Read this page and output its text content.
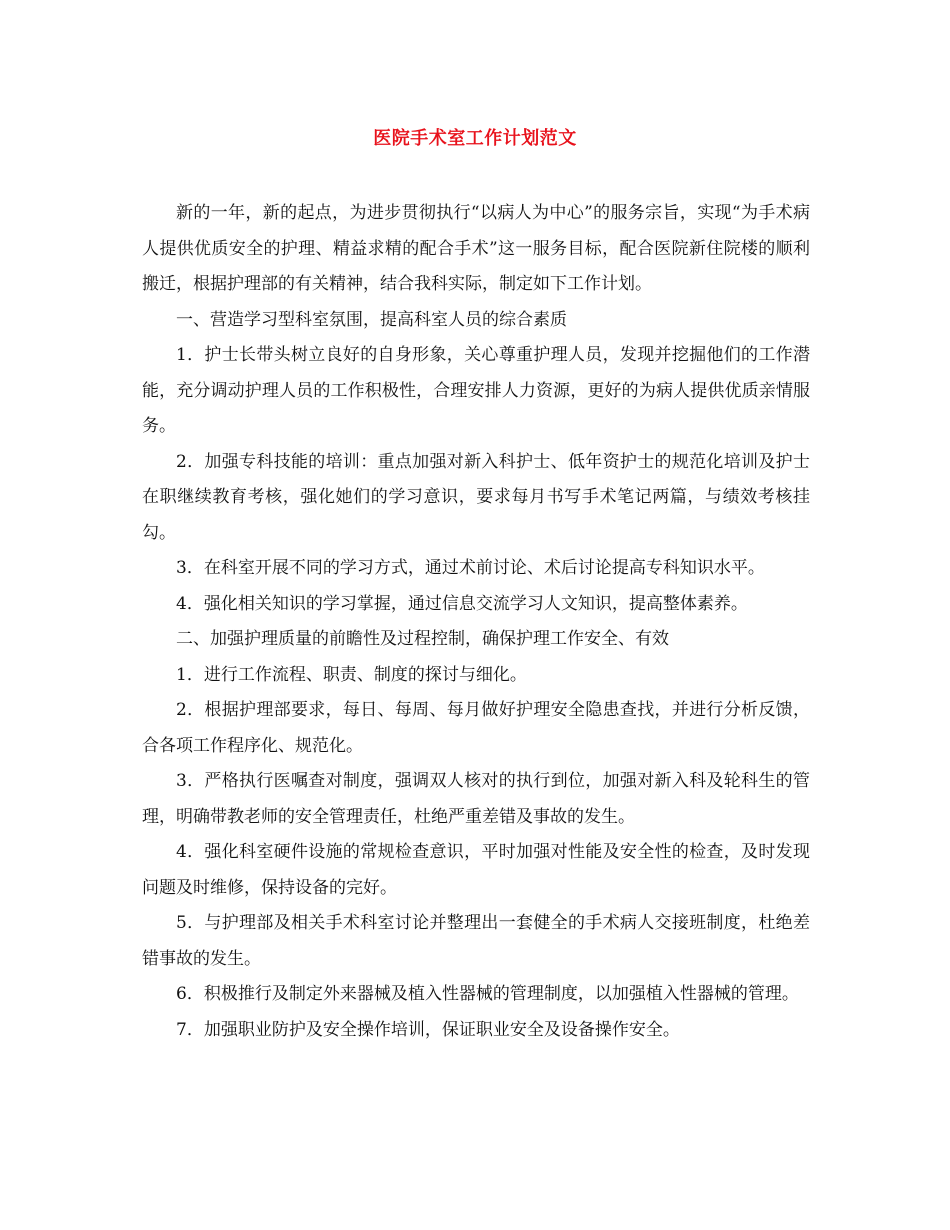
医院手术室工作计划范文

新的一年，新的起点，为进步贯彻执行“以病人为中心”的服务宗旨，实现“为手术病人提供优质安全的护理、精益求精的配合手术”这一服务目标，配合医院新住院楼的顺利搬迁，根据护理部的有关精神，结合我科实际，制定如下工作计划。

一、营造学习型科室氛围，提高科室人员的综合素质

1．护士长带头树立良好的自身形象，关心尊重护理人员，发现并挖掘他们的工作潜能，充分调动护理人员的工作积极性，合理安排人力资源，更好的为病人提供优质亲情服务。

2．加强专科技能的培训：重点加强对新入科护士、低年资护士的规范化培训及护士在职继续教育考核，强化她们的学习意识，要求每月书写手术笔记两篇，与绩效考核挂勾。

3．在科室开展不同的学习方式，通过术前讨论、术后讨论提高专科知识水平。

4．强化相关知识的学习掌握，通过信息交流学习人文知识，提高整体素养。

二、加强护理质量的前瞻性及过程控制，确保护理工作安全、有效

1．进行工作流程、职责、制度的探讨与细化。

2．根据护理部要求，每日、每周、每月做好护理安全隐患查找，并进行分析反馈，合各项工作程序化、规范化。

3．严格执行医嘱查对制度，强调双人核对的执行到位，加强对新入科及轮科生的管理，明确带教老师的安全管理责任，杜绝严重差错及事故的发生。

4．强化科室硬件设施的常规检查意识，平时加强对性能及安全性的检查，及时发现问题及时维修，保持设备的完好。

5．与护理部及相关手术科室讨论并整理出一套健全的手术病人交接班制度，杜绝差错事故的发生。

6．积极推行及制定外来器械及植入性器械的管理制度，以加强植入性器械的管理。

7．加强职业防护及安全操作培训，保证职业安全及设备操作安全。
